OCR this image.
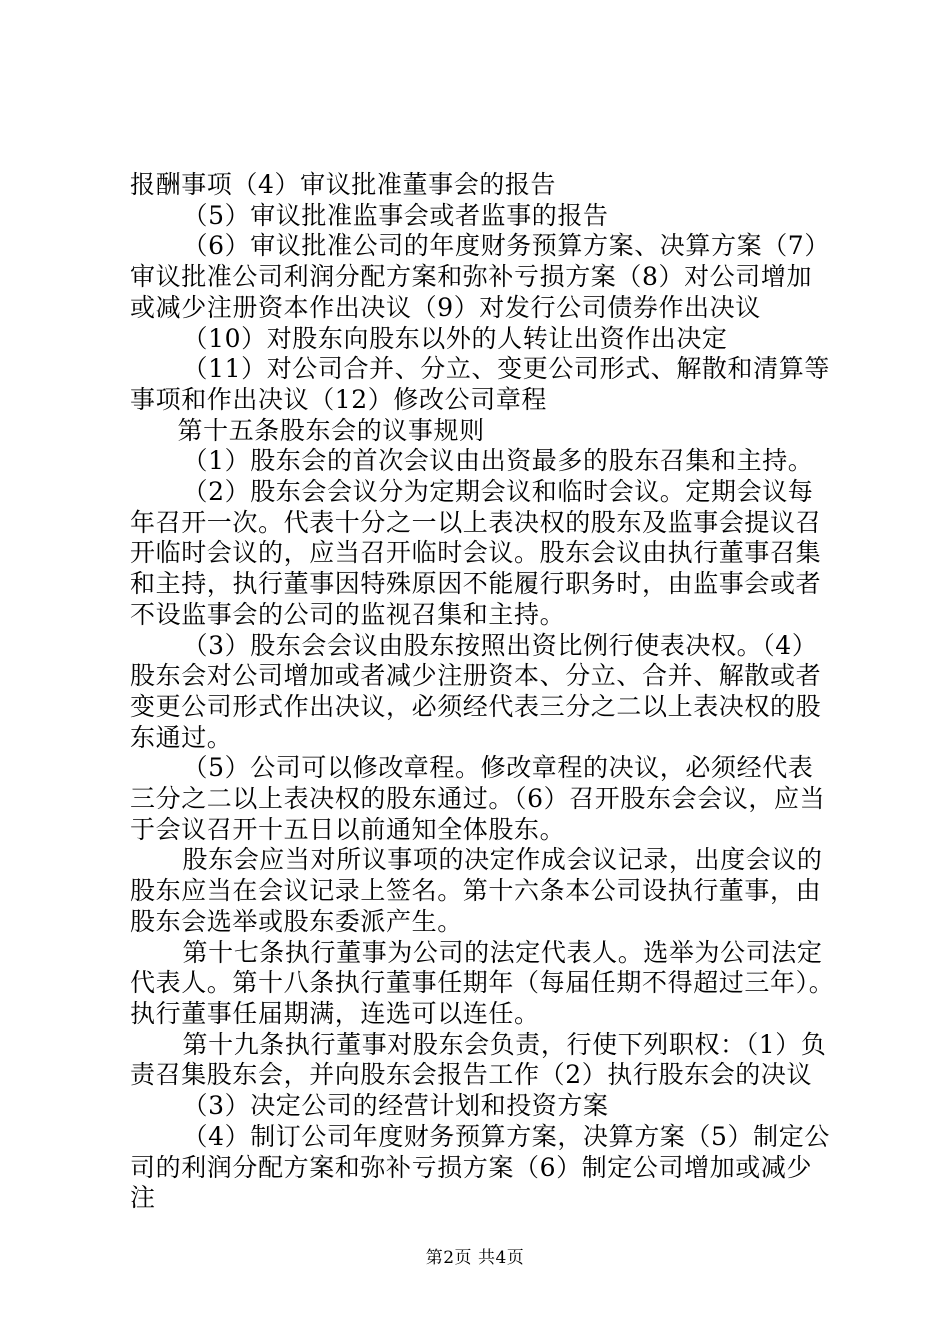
报酬事项（4）审议批准董事会的报告

（5）审议批准监事会或者监事的报告

（6）审议批准公司的年度财务预算方案、决算方案（7）审议批准公司利润分配方案和弥补亏损方案（8）对公司增加或减少注册资本作出决议（9）对发行公司债券作出决议

（10）对股东向股东以外的人转让出资作出决定

（11）对公司合并、分立、变更公司形式、解散和清算等事项和作出决议（12）修改公司章程

第十五条股东会的议事规则

（1）股东会的首次会议由出资最多的股东召集和主持。

（2）股东会会议分为定期会议和临时会议。定期会议每年召开一次。代表十分之一以上表决权的股东及监事会提议召开临时会议的，应当召开临时会议。股东会议由执行董事召集和主持，执行董事因特殊原因不能履行职务时，由监事会或者不设监事会的公司的监视召集和主持。

（3）股东会会议由股东按照出资比例行使表决权。（4）股东会对公司增加或者减少注册资本、分立、合并、解散或者变更公司形式作出决议，必须经代表三分之二以上表决权的股东通过。

（5）公司可以修改章程。修改章程的决议，必须经代表三分之二以上表决权的股东通过。（6）召开股东会会议，应当于会议召开十五日以前通知全体股东。

股东会应当对所议事项的决定作成会议记录，出度会议的股东应当在会议记录上签名。第十六条本公司设执行董事，由股东会选举或股东委派产生。

第十七条执行董事为公司的法定代表人。选举为公司法定代表人。第十八条执行董事任期年（每届任期不得超过三年）。执行董事任届期满，连选可以连任。

第十九条执行董事对股东会负责，行使下列职权：（1）负责召集股东会，并向股东会报告工作（2）执行股东会的决议

（3）决定公司的经营计划和投资方案

（4）制订公司年度财务预算方案，决算方案（5）制定公司的利润分配方案和弥补亏损方案（6）制定公司增加或减少注

第2页 共4页
